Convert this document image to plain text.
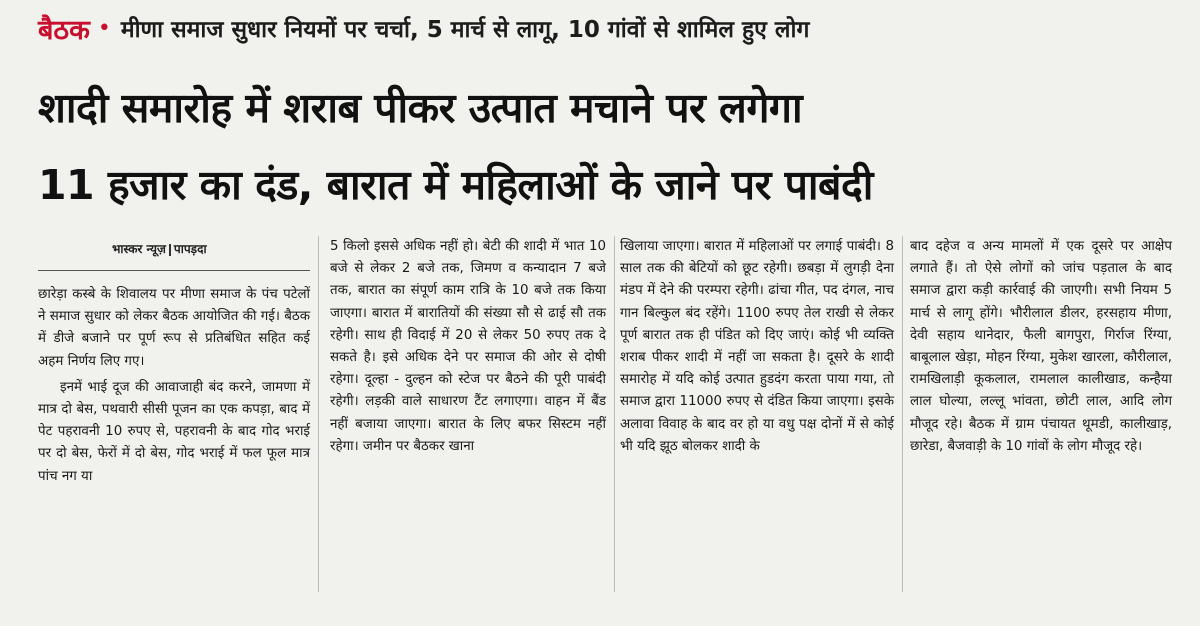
बैठक • मीणा समाज सुधार नियमों पर चर्चा, 5 मार्च से लागू, 10 गांवों से शामिल हुए लोग
शादी समारोह में शराब पीकर उत्पात मचाने पर लगेगा
11 हजार का दंड, बारात में महिलाओं के जाने पर पाबंदी
भास्कर न्यूज़ पापड़दा

छारेड़ा कस्बे के शिवालय पर मीणा समाज के पंच पटेलों ने समाज सुधार को लेकर बैठक आयोजित की गई। बैठक में डीजे बजाने पर पूर्ण रूप से प्रतिबंधित सहित कई अहम निर्णय लिए गए।

इनमें भाई दूज की आवाजाही बंद करने, जामणा में मात्र दो बेस, पथवारी सीसी पूजन का एक कपड़ा, बाद में पेट पहरावनी 10 रुपए से, पहरावनी के बाद गोद भराई पर दो बेस, फेरों में दो बेस, गोद भराई में फल फूल मात्र पांच नग या

5 किलो इससे अधिक नहीं हो। बेटी की शादी में भात 10 बजे से लेकर 2 बजे तक, जिमण व कन्यादान 7 बजे तक, बारात का संपूर्ण काम रात्रि के 10 बजे तक किया जाएगा। बारात में बारातियों की संख्या सौ से ढाई सौ तक रहेगी। साथ ही विदाई में 20 से लेकर 50 रुपए तक दे सकते है। इसे अधिक देने पर समाज की ओर से दोषी रहेगा। दूल्हा - दुल्हन को स्टेज पर बैठने की पूरी पाबंदी रहेगी। लड़की वाले साधारण टैंट लगाएगा। वाहन में बैंड नहीं बजाया जाएगा। बारात के लिए बफर सिस्टम नहीं रहेगा। जमीन पर बैठकर खाना

खिलाया जाएगा। बारात में महिलाओं पर लगाई पाबंदी। 8 साल तक की बेटियों को छूट रहेगी। छबड़ा में लुगड़ी देना मंडप में देने की परम्परा रहेगी। ढांचा गीत, पद दंगल, नाच गान बिल्कुल बंद रहेंगे। 1100 रुपए तेल राखी से लेकर पूर्ण बारात तक ही पंडित को दिए जाएं। कोई भी व्यक्ति शराब पीकर शादी में नहीं जा सकता है। दूसरे के शादी समारोह में यदि कोई उत्पात हुडदंग करता पाया गया, तो समाज द्वारा 11000 रुपए से दंडित किया जाएगा। इसके अलावा विवाह के बाद वर हो या वधु पक्ष दोनों में से कोई भी यदि झूठ बोलकर शादी के

बाद दहेज व अन्य मामलों में एक दूसरे पर आक्षेप लगाते हैं। तो ऐसे लोगों को जांच पड़ताल के बाद समाज द्वारा कड़ी कार्रवाई की जाएगी। सभी नियम 5 मार्च से लागू होंगे। भौरीलाल डीलर, हरसहाय मीणा, देवी सहाय थानेदार, फैली बागपुरा, गिर्राज रिंग्या, बाबूलाल खेड़ा, मोहन रिंग्या, मुकेश खारला, कौरीलाल, रामखिलाड़ी कूकलाल, रामलाल कालीखाड, कन्हैया लाल घोल्या, लल्लू भांवता, छोटी लाल, आदि लोग मौजूद रहे। बैठक में ग्राम पंचायत थूमडी, कालीखाड़, छारेडा, बैजवाड़ी के 10 गांवों के लोग मौजूद रहे।
